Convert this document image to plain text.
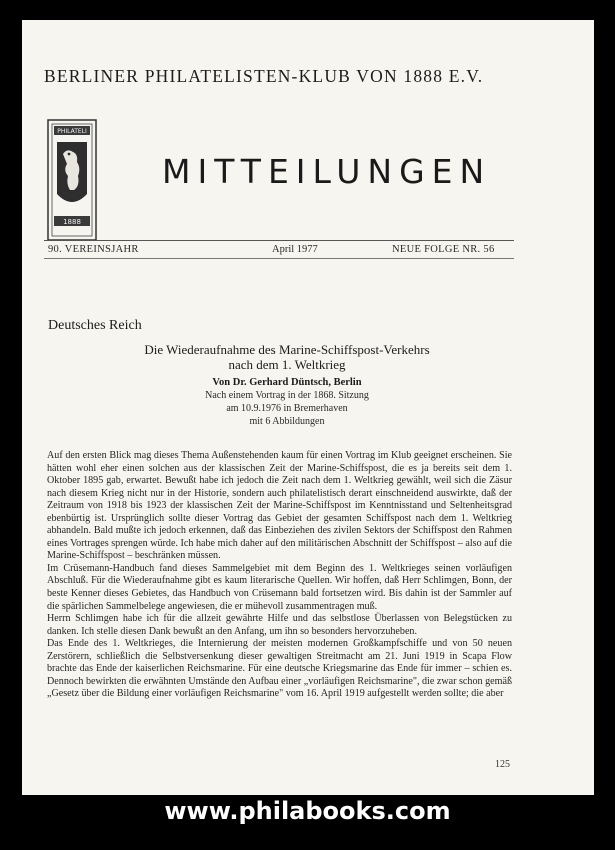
BERLINER PHILATELISTEN-KLUB VON 1888 E.V.
PHILATELI
1888
MITTEILUNGEN
90. VEREINSJAHR	April 1977	NEUE FOLGE NR. 56
Deutsches Reich
Die Wiederaufnahme des Marine-Schiffspost-Verkehrs
nach dem 1. Weltkrieg
Von Dr. Gerhard Düntsch, Berlin
Nach einem Vortrag in der 1868. Sitzung
am 10.9.1976 in Bremerhaven
mit 6 Abbildungen

Auf den ersten Blick mag dieses Thema Außenstehenden kaum für einen Vortrag im Klub geeignet erscheinen. Sie hätten wohl eher einen solchen aus der klassischen Zeit der Marine-Schiffspost, die es ja bereits seit dem 1. Oktober 1895 gab, erwartet. Bewußt habe ich jedoch die Zeit nach dem 1. Weltkrieg gewählt, weil sich die Zäsur nach diesem Krieg nicht nur in der Historie, sondern auch philatelistisch derart einschneidend auswirkte, daß der Zeitraum von 1918 bis 1923 der klassischen Zeit der Marine-Schiffspost im Kenntnisstand und Seltenheitsgrad ebenbürtig ist. Ursprünglich sollte dieser Vortrag das Gebiet der gesamten Schiffspost nach dem 1. Weltkrieg abhandeln. Bald mußte ich jedoch erkennen, daß das Einbeziehen des zivilen Sektors der Schiffspost den Rahmen eines Vortrages sprengen würde. Ich habe mich daher auf den militärischen Abschnitt der Schiffspost – also auf die Marine-Schiffspost – beschränken müssen.

Im Crüsemann-Handbuch fand dieses Sammelgebiet mit dem Beginn des 1. Weltkrieges seinen vorläufigen Abschluß. Für die Wiederaufnahme gibt es kaum literarische Quellen. Wir hoffen, daß Herr Schlimgen, Bonn, der beste Kenner dieses Gebietes, das Handbuch von Crüsemann bald fortsetzen wird. Bis dahin ist der Sammler auf die spärlichen Sammelbelege angewiesen, die er mühevoll zusammentragen muß.

Herrn Schlimgen habe ich für die allzeit gewährte Hilfe und das selbstlose Überlassen von Belegstücken zu danken. Ich stelle diesen Dank bewußt an den Anfang, um ihn so besonders hervorzuheben.

Das Ende des 1. Weltkrieges, die Internierung der meisten modernen Großkampfschiffe und von 50 neuen Zerstörern, schließlich die Selbstversenkung dieser gewaltigen Streitmacht am 21. Juni 1919 in Scapa Flow brachte das Ende der kaiserlichen Reichsmarine. Für eine deutsche Kriegsmarine das Ende für immer – schien es. Dennoch bewirkten die erwähnten Umstände den Aufbau einer „vorläufigen Reichsmarine", die zwar schon gemäß „Gesetz über die Bildung einer vorläufigen Reichsmarine" vom 16. April 1919 aufgestellt werden sollte; die aber

125
www.philabooks.com
